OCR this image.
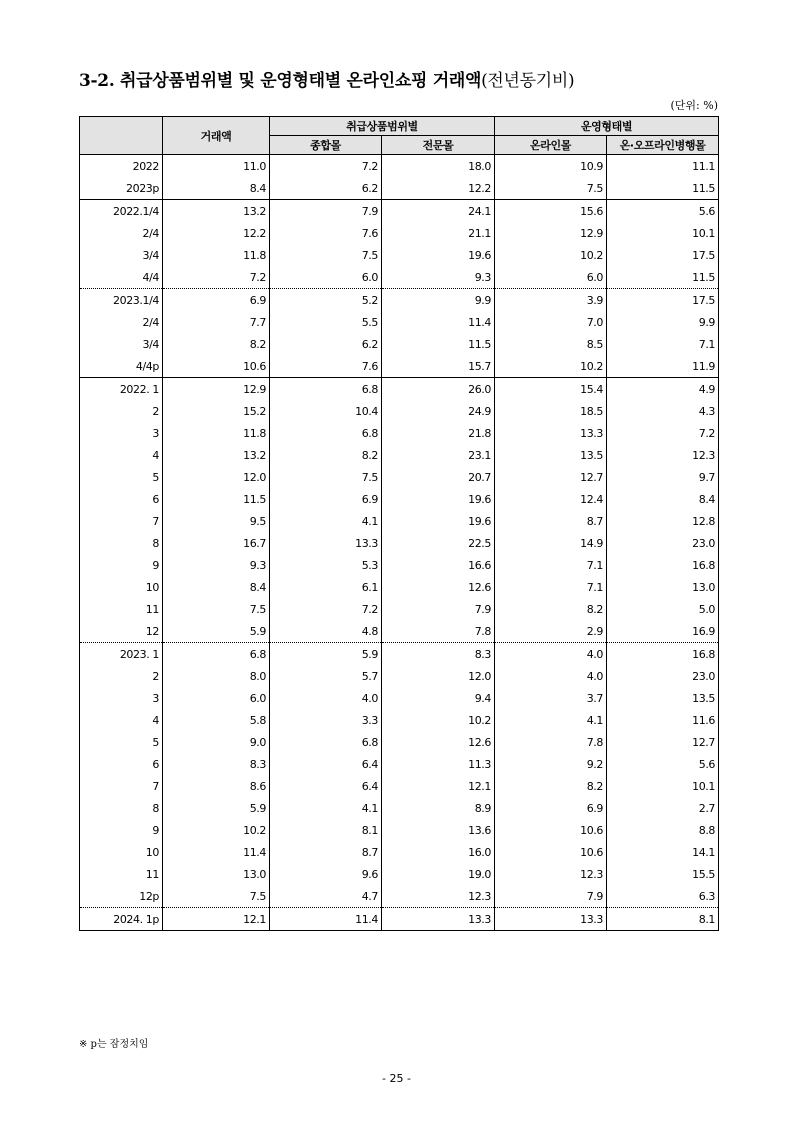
3-2. 취급상품범위별 및 운영형태별 온라인쇼핑 거래액(전년동기비)
(단위: %)
	거래액	취급상품범위별		운영형태별	
		종합몰	전문몰	온라인몰	온·오프라인병행몰
2022	11.0	7.2	18.0	10.9	11.1
2023p	8.4	6.2	12.2	7.5	11.5
2022.1/4	13.2	7.9	24.1	15.6	5.6
2/4	12.2	7.6	21.1	12.9	10.1
3/4	11.8	7.5	19.6	10.2	17.5
4/4	7.2	6.0	9.3	6.0	11.5
2023.1/4	6.9	5.2	9.9	3.9	17.5
2/4	7.7	5.5	11.4	7.0	9.9
3/4	8.2	6.2	11.5	8.5	7.1
4/4p	10.6	7.6	15.7	10.2	11.9
2022. 1	12.9	6.8	26.0	15.4	4.9
2	15.2	10.4	24.9	18.5	4.3
3	11.8	6.8	21.8	13.3	7.2
4	13.2	8.2	23.1	13.5	12.3
5	12.0	7.5	20.7	12.7	9.7
6	11.5	6.9	19.6	12.4	8.4
7	9.5	4.1	19.6	8.7	12.8
8	16.7	13.3	22.5	14.9	23.0
9	9.3	5.3	16.6	7.1	16.8
10	8.4	6.1	12.6	7.1	13.0
11	7.5	7.2	7.9	8.2	5.0
12	5.9	4.8	7.8	2.9	16.9
2023. 1	6.8	5.9	8.3	4.0	16.8
2	8.0	5.7	12.0	4.0	23.0
3	6.0	4.0	9.4	3.7	13.5
4	5.8	3.3	10.2	4.1	11.6
5	9.0	6.8	12.6	7.8	12.7
6	8.3	6.4	11.3	9.2	5.6
7	8.6	6.4	12.1	8.2	10.1
8	5.9	4.1	8.9	6.9	2.7
9	10.2	8.1	13.6	10.6	8.8
10	11.4	8.7	16.0	10.6	14.1
11	13.0	9.6	19.0	12.3	15.5
12p	7.5	4.7	12.3	7.9	6.3
2024. 1p	12.1	11.4	13.3	13.3	8.1
※ p는 잠정치임
- 25 -
